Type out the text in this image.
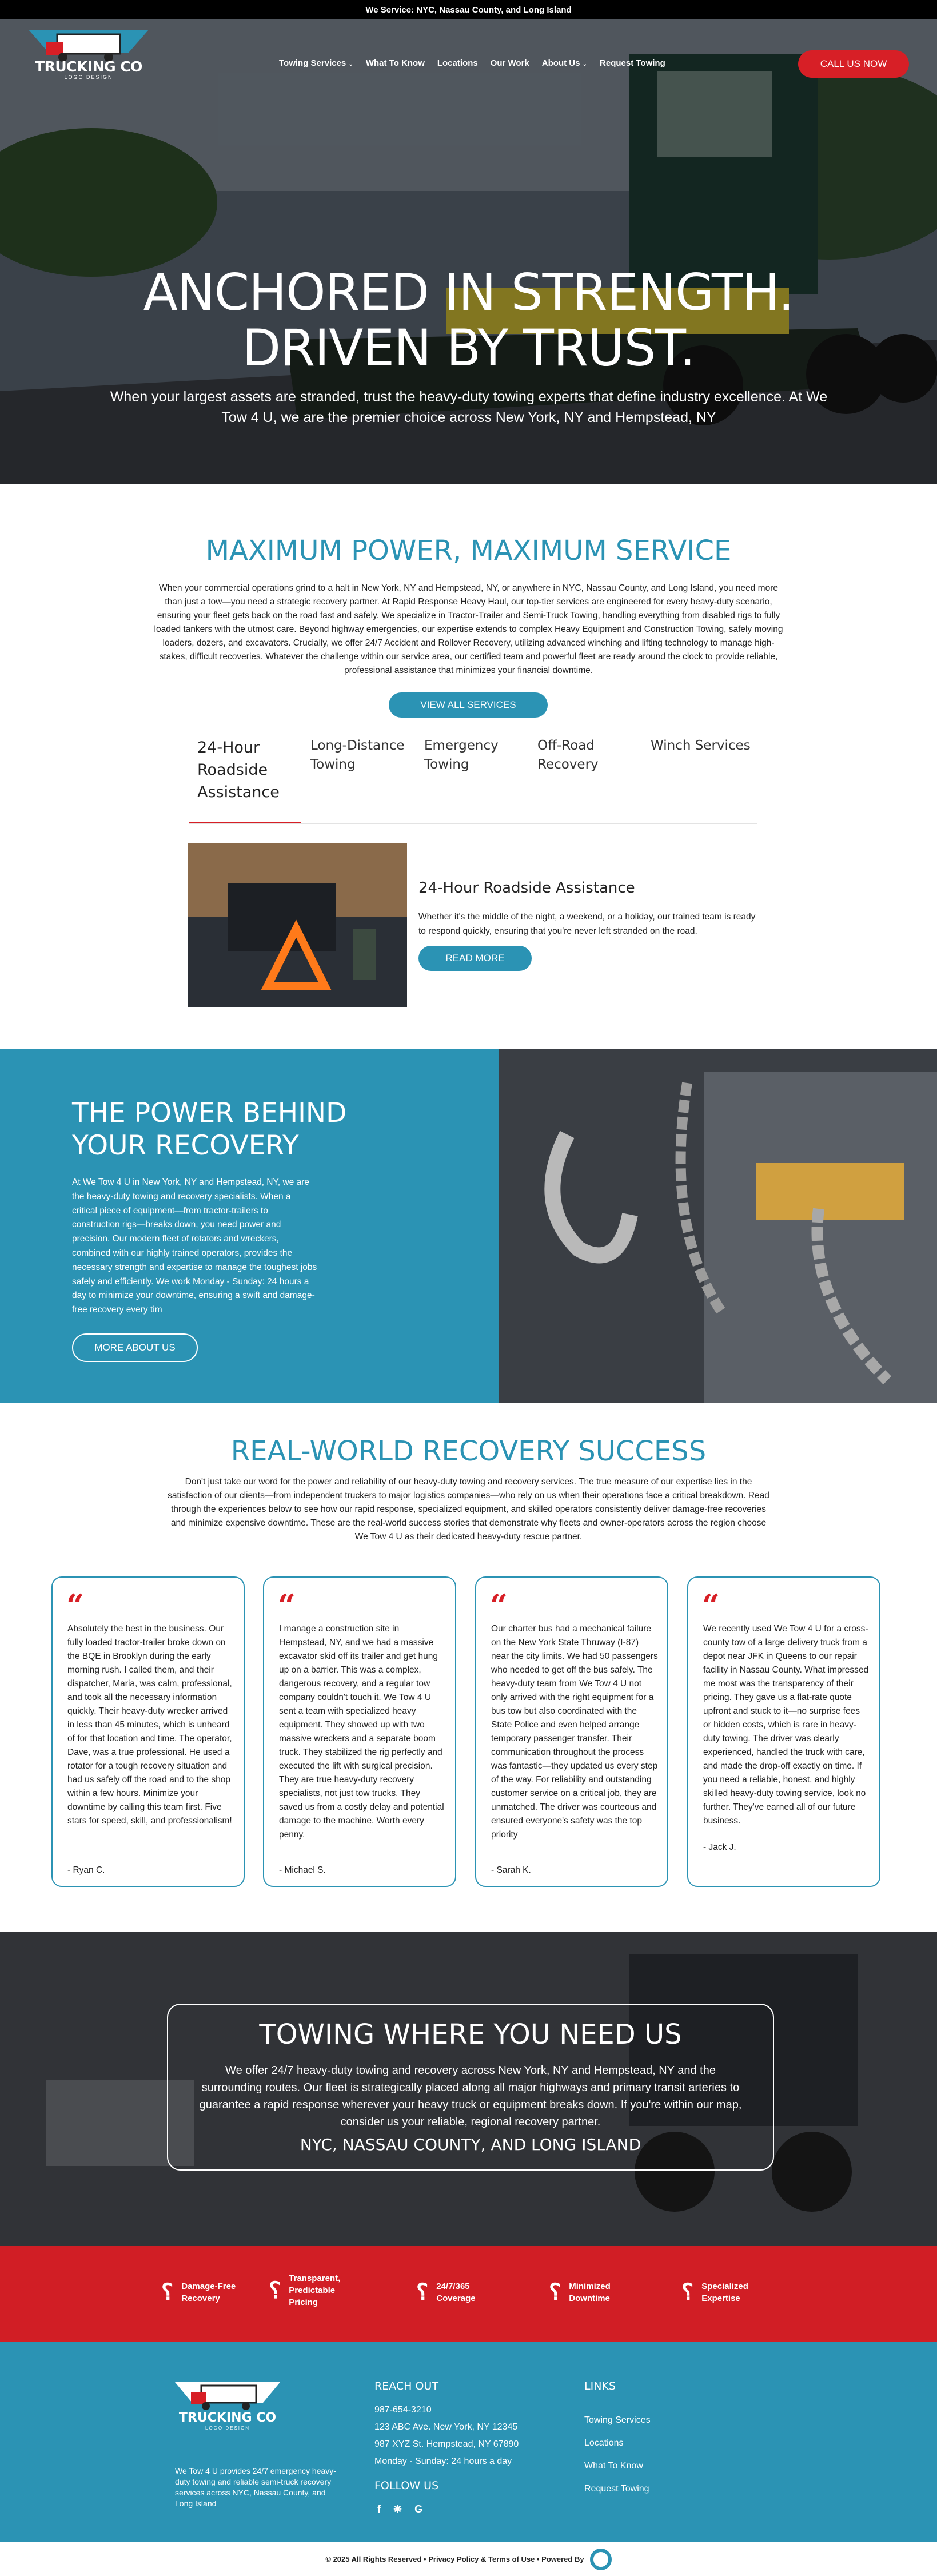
We Service: NYC, Nassau County, and Long Island
ANCHORED IN STRENGTH.
DRIVEN BY TRUST.
When your largest assets are stranded, trust the heavy-duty towing experts that define industry excellence. At We Tow 4 U, we are the premier choice across New York, NY and Hempstead, NY
TRUCKING CO
LOGO DESIGN
Towing Services ⌄ What To Know Locations Our Work About Us ⌄ Request Towing	CALL US NOW
MAXIMUM POWER, MAXIMUM SERVICE
When your commercial operations grind to a halt in New York, NY and Hempstead, NY, or anywhere in NYC, Nassau County, and Long Island, you need more than just a tow—you need a strategic recovery partner. At Rapid Response Heavy Haul, our top-tier services are engineered for every heavy-duty scenario, ensuring your fleet gets back on the road fast and safely. We specialize in Tractor-Trailer and Semi-Truck Towing, handling everything from disabled rigs to fully loaded tankers with the utmost care. Beyond highway emergencies, our expertise extends to complex Heavy Equipment and Construction Towing, safely moving loaders, dozers, and excavators. Crucially, we offer 24/7 Accident and Rollover Recovery, utilizing advanced winching and lifting technology to manage high-stakes, difficult recoveries. Whatever the challenge within our service area, our certified team and powerful fleet are ready around the clock to provide reliable, professional assistance that minimizes your financial downtime.
VIEW ALL SERVICES
24-Hour Roadside Assistance
Long-Distance Towing
Emergency Towing
Off-Road Recovery
Winch Services
24-Hour Roadside Assistance
Whether it's the middle of the night, a weekend, or a holiday, our trained team is ready to respond quickly, ensuring that you're never left stranded on the road.
READ MORE
THE POWER BEHIND YOUR RECOVERY
At We Tow 4 U in New York, NY and Hempstead, NY, we are the heavy-duty towing and recovery specialists. When a critical piece of equipment—from tractor-trailers to construction rigs—breaks down, you need power and precision. Our modern fleet of rotators and wreckers, combined with our highly trained operators, provides the necessary strength and expertise to manage the toughest jobs safely and efficiently. We work Monday - Sunday: 24 hours a day to minimize your downtime, ensuring a swift and damage-free recovery every tim
MORE ABOUT US
REAL-WORLD RECOVERY SUCCESS
Don't just take our word for the power and reliability of our heavy-duty towing and recovery services. The true measure of our expertise lies in the satisfaction of our clients—from independent truckers to major logistics companies—who rely on us when their operations face a critical breakdown. Read through the experiences below to see how our rapid response, specialized equipment, and skilled operators consistently deliver damage-free recoveries and minimize expensive downtime. These are the real-world success stories that demonstrate why fleets and owner-operators across the region choose We Tow 4 U as their dedicated heavy-duty rescue partner.
“
Absolutely the best in the business. Our fully loaded tractor-trailer broke down on the BQE in Brooklyn during the early morning rush. I called them, and their dispatcher, Maria, was calm, professional, and took all the necessary information quickly. Their heavy-duty wrecker arrived in less than 45 minutes, which is unheard of for that location and time. The operator, Dave, was a true professional. He used a rotator for a tough recovery situation and had us safely off the road and to the shop within a few hours. Minimize your downtime by calling this team first. Five stars for speed, skill, and professionalism!
- Ryan C.
“
I manage a construction site in Hempstead, NY, and we had a massive excavator skid off its trailer and get hung up on a barrier. This was a complex, dangerous recovery, and a regular tow company couldn't touch it. We Tow 4 U sent a team with specialized heavy equipment. They showed up with two massive wreckers and a separate boom truck. They stabilized the rig perfectly and executed the lift with surgical precision. They are true heavy-duty recovery specialists, not just tow trucks. They saved us from a costly delay and potential damage to the machine. Worth every penny.
- Michael S.
“
Our charter bus had a mechanical failure on the New York State Thruway (I-87) near the city limits. We had 50 passengers who needed to get off the bus safely. The heavy-duty team from We Tow 4 U not only arrived with the right equipment for a bus tow but also coordinated with the State Police and even helped arrange temporary passenger transfer. Their communication throughout the process was fantastic—they updated us every step of the way. For reliability and outstanding customer service on a critical job, they are unmatched. The driver was courteous and ensured everyone's safety was the top priority
- Sarah K.
“
We recently used We Tow 4 U for a cross-county tow of a large delivery truck from a depot near JFK in Queens to our repair facility in Nassau County. What impressed me most was the transparency of their pricing. They gave us a flat-rate quote upfront and stuck to it—no surprise fees or hidden costs, which is rare in heavy-duty towing. The driver was clearly experienced, handled the truck with care, and made the drop-off exactly on time. If you need a reliable, honest, and highly skilled heavy-duty towing service, look no further. They've earned all of our future business.
- Jack J.
TOWING WHERE YOU NEED US
We offer 24/7 heavy-duty towing and recovery across New York, NY and Hempstead, NY and the surrounding routes. Our fleet is strategically placed along all major highways and primary transit arteries to guarantee a rapid response wherever your heavy truck or equipment breaks down. If you're within our map, consider us your reliable, regional recovery partner.
NYC, NASSAU COUNTY, AND LONG ISLAND
؟ Damage-Free Recovery	؟ Transparent, Predictable Pricing	؟ 24/7/365 Coverage	؟ Minimized Downtime	؟ Specialized Expertise
TRUCKING CO
LOGO DESIGN
We Tow 4 U provides 24/7 emergency heavy-duty towing and reliable semi-truck recovery services across NYC, Nassau County, and Long Island
REACH OUT
987-654-3210
123 ABC Ave. New York, NY 12345
987 XYZ St. Hempstead, NY 67890
Monday - Sunday: 24 hours a day
FOLLOW US
f ❋ G
LINKS
Towing Services
Locations
What To Know
Request Towing
© 2025 All Rights Reserved • Privacy Policy & Terms of Use • Powered By
